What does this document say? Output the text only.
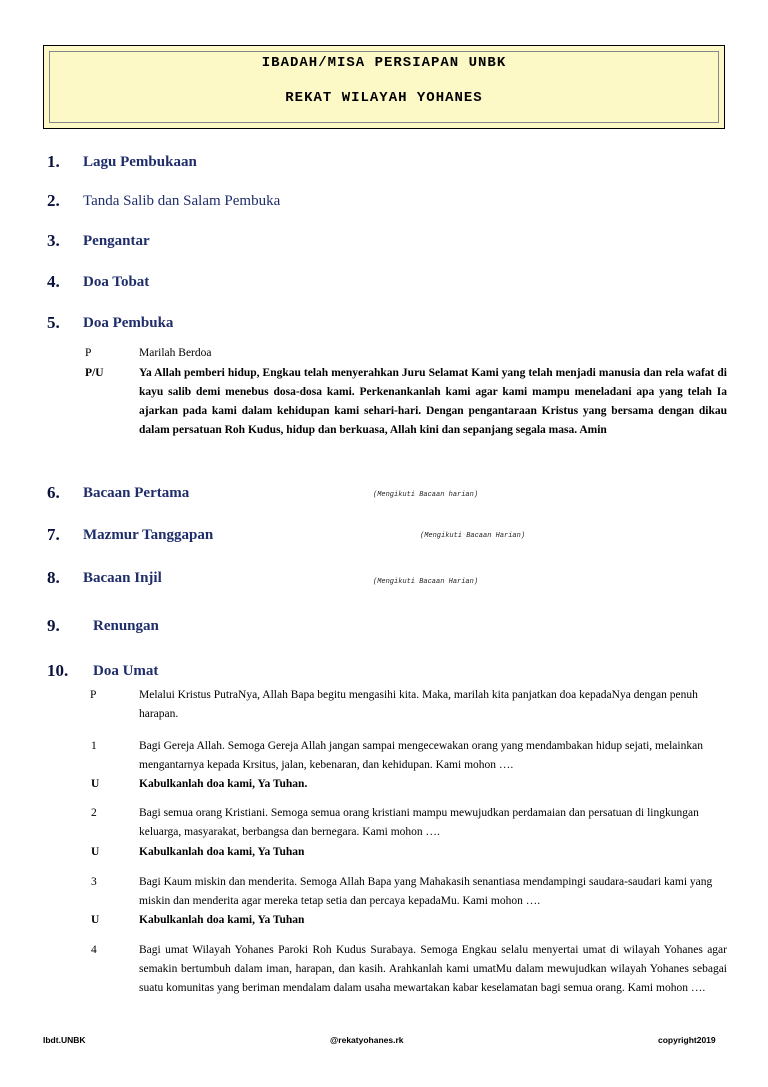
IBADAH/MISA PERSIAPAN UNBK
REKAT WILAYAH YOHANES
1. Lagu Pembukaan
2. Tanda Salib dan Salam Pembuka
3. Pengantar
4. Doa Tobat
5. Doa Pembuka
P	Marilah Berdoa
P/U	Ya Allah pemberi hidup, Engkau telah menyerahkan Juru Selamat Kami yang telah menjadi manusia dan rela wafat di kayu salib demi menebus dosa-dosa kami. Perkenankanlah kami agar kami mampu meneladani apa yang telah Ia ajarkan pada kami dalam kehidupan kami sehari-hari. Dengan pengantaraan Kristus yang bersama dengan dikau dalam persatuan Roh Kudus, hidup dan berkuasa, Allah kini dan sepanjang segala masa. Amin
6. Bacaan Pertama	(Mengikuti Bacaan harian)
7. Mazmur Tanggapan	(Mengikuti Bacaan Harian)
8. Bacaan Injil	(Mengikuti Bacaan Harian)
9. Renungan
10. Doa Umat
P	Melalui Kristus PutraNya, Allah Bapa begitu mengasihi kita. Maka, marilah kita panjatkan doa kepadaNya dengan penuh harapan.
1	Bagi Gereja Allah. Semoga Gereja Allah jangan sampai mengecewakan orang yang mendambakan hidup sejati, melainkan mengantarnya kepada Krsitus, jalan, kebenaran, dan kehidupan. Kami mohon ….
U	Kabulkanlah doa kami, Ya Tuhan.
2	Bagi semua orang Kristiani. Semoga semua orang kristiani mampu mewujudkan perdamaian dan persatuan di lingkungan keluarga, masyarakat, berbangsa dan bernegara. Kami mohon ….
U	Kabulkanlah doa kami, Ya Tuhan
3	Bagi Kaum miskin dan menderita. Semoga Allah Bapa yang Mahakasih senantiasa mendampingi saudara-saudari kami yang miskin dan menderita agar mereka tetap setia dan percaya kepadaMu. Kami mohon ….
U	Kabulkanlah doa kami, Ya Tuhan
4	Bagi umat Wilayah Yohanes Paroki Roh Kudus Surabaya. Semoga Engkau selalu menyertai umat di wilayah Yohanes agar semakin bertumbuh dalam iman, harapan, dan kasih. Arahkanlah kami umatMu dalam mewujudkan wilayah Yohanes sebagai suatu komunitas yang beriman mendalam dalam usaha mewartakan kabar keselamatan bagi semua orang. Kami mohon ….
Ibdt.UNBK	@rekatyohanes.rk	copyright2019
